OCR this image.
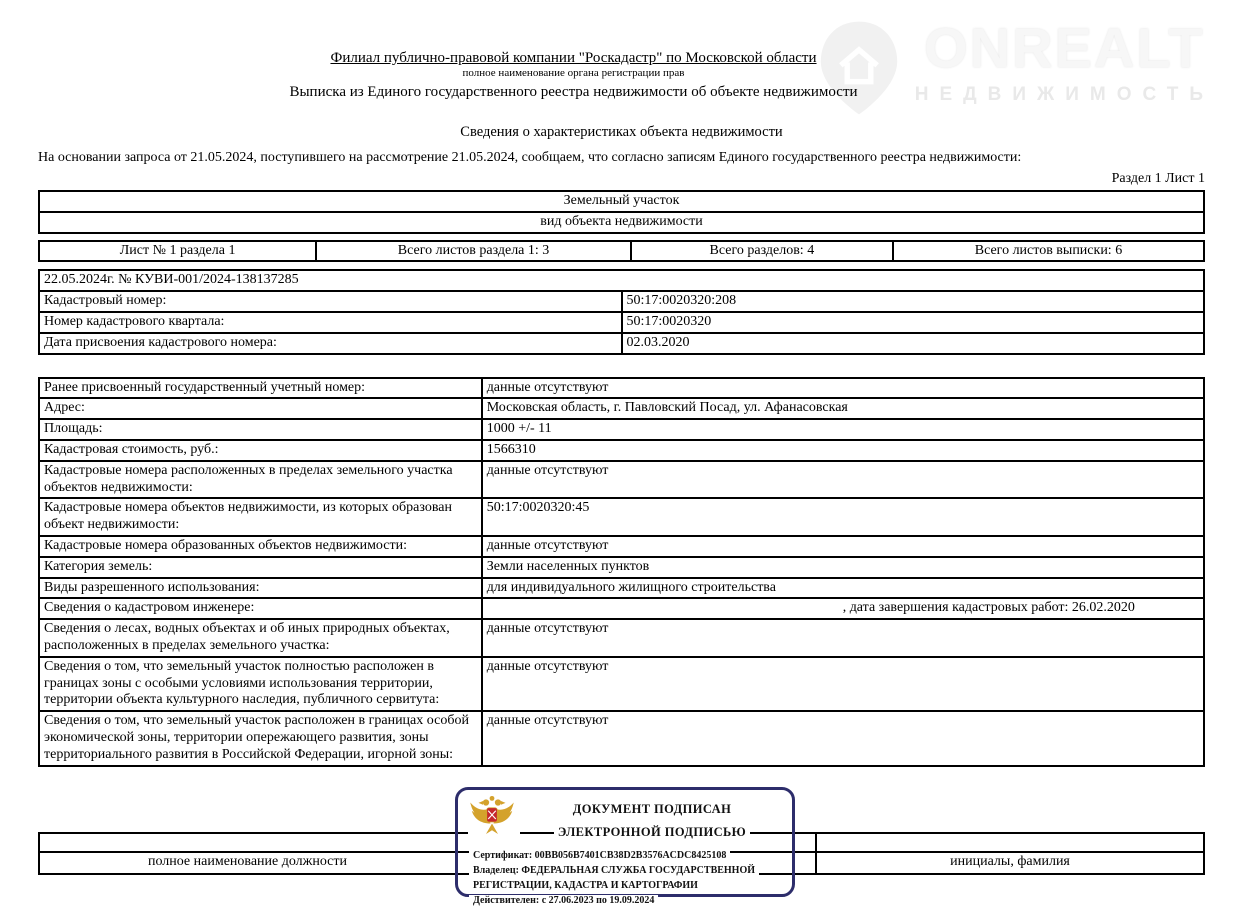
ONREALT
НЕДВИЖИМОСТЬ
Филиал публично-правовой компании "Роскадастр" по Московской области
полное наименование органа регистрации прав
Выписка из Единого государственного реестра недвижимости об объекте недвижимости
Сведения о характеристиках объекта недвижимости
На основании запроса от 21.05.2024, поступившего на рассмотрение 21.05.2024, сообщаем, что согласно записям Единого государственного реестра недвижимости:
Раздел 1 Лист 1
Земельный участок
вид объекта недвижимости
Лист № 1 раздела 1	Всего листов раздела 1: 3	Всего разделов: 4	Всего листов выписки: 6
22.05.2024г. № КУВИ-001/2024-138137285	
Кадастровый номер:	50:17:0020320:208
Номер кадастрового квартала:	50:17:0020320
Дата присвоения кадастрового номера:	02.03.2020
Ранее присвоенный государственный учетный номер:	данные отсутствуют
Адрес:	Московская область, г. Павловский Посад, ул. Афанасовская
Площадь:	1000 +/- 11
Кадастровая стоимость, руб.:	1566310
Кадастровые номера расположенных в пределах земельного участка объектов недвижимости:	данные отсутствуют
Кадастровые номера объектов недвижимости, из которых образован объект недвижимости:	50:17:0020320:45
Кадастровые номера образованных объектов недвижимости:	данные отсутствуют
Категория земель:	Земли населенных пунктов
Виды разрешенного использования:	для индивидуального жилищного строительства
Сведения о кадастровом инженере:	, дата завершения кадастровых работ: 26.02.2020
Сведения о лесах, водных объектах и об иных природных объектах, расположенных в пределах земельного участка:	данные отсутствуют
Сведения о том, что земельный участок полностью расположен в границах зоны с особыми условиями использования территории, территории объекта культурного наследия, публичного сервитута:	данные отсутствуют
Сведения о том, что земельный участок расположен в границах особой экономической зоны, территории опережающего развития, зоны территориального развития в Российской Федерации, игорной зоны:	данные отсутствуют

полное наименование должности		инициалы, фамилия
ДОКУМЕНТ ПОДПИСАН
ЭЛЕКТРОННОЙ ПОДПИСЬЮ
Сертификат: 00BB056B7401CB38D2B3576ACDC8425108
Владелец: ФЕДЕРАЛЬНАЯ СЛУЖБА ГОСУДАРСТВЕННОЙ
РЕГИСТРАЦИИ, КАДАСТРА И КАРТОГРАФИИ
Действителен: с 27.06.2023 по 19.09.2024
